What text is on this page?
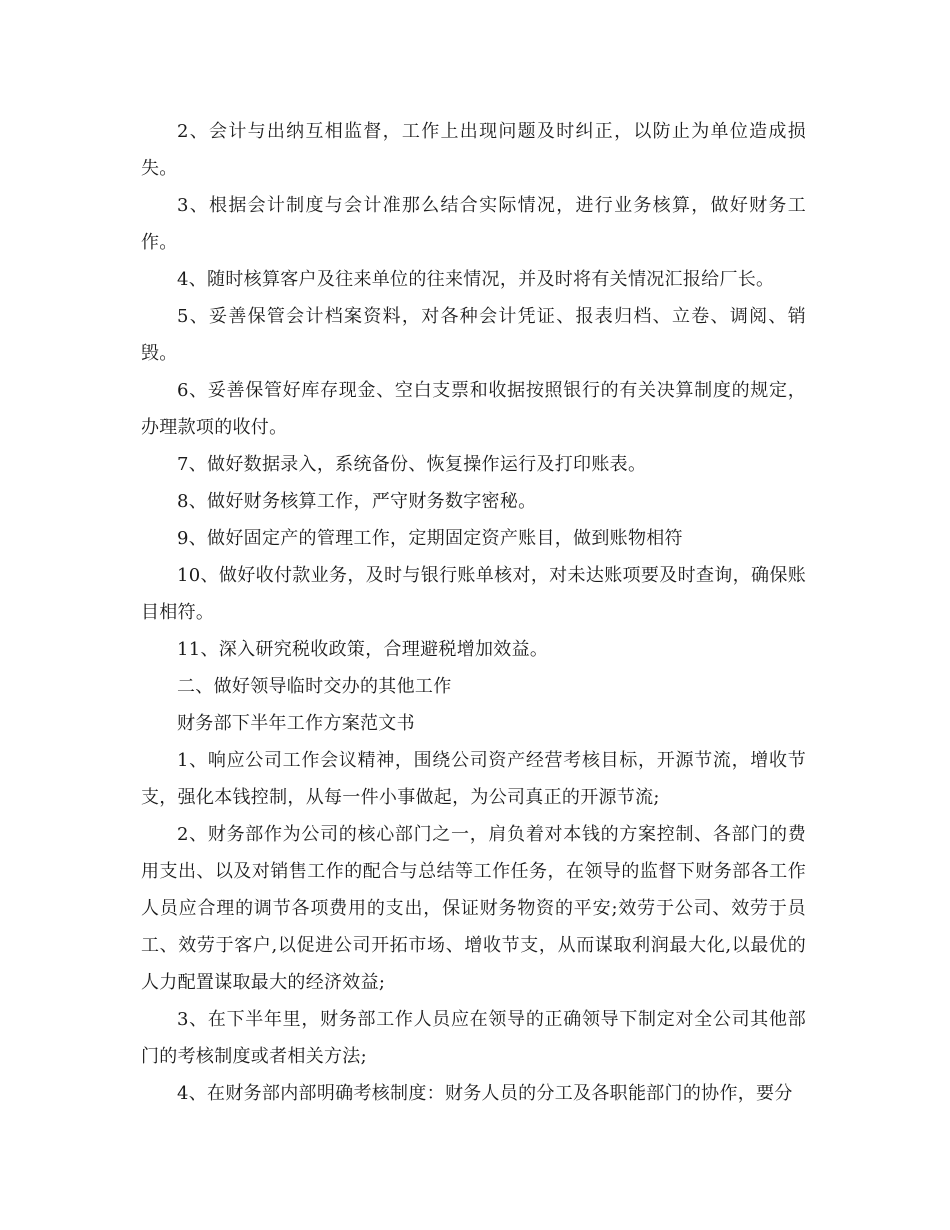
2、会计与出纳互相监督，工作上出现问题及时纠正，以防止为单位造成损失。

3、根据会计制度与会计准那么结合实际情况，进行业务核算，做好财务工作。

4、随时核算客户及往来单位的往来情况，并及时将有关情况汇报给厂长。

5、妥善保管会计档案资料，对各种会计凭证、报表归档、立卷、调阅、销毁。

6、妥善保管好库存现金、空白支票和收据按照银行的有关决算制度的规定，办理款项的收付。

7、做好数据录入，系统备份、恢复操作运行及打印账表。

8、做好财务核算工作，严守财务数字密秘。

9、做好固定产的管理工作，定期固定资产账目，做到账物相符

10、做好收付款业务，及时与银行账单核对，对未达账项要及时查询，确保账目相符。

11、深入研究税收政策，合理避税增加效益。

二、做好领导临时交办的其他工作

财务部下半年工作方案范文书

1、响应公司工作会议精神，围绕公司资产经营考核目标，开源节流，增收节支，强化本钱控制，从每一件小事做起，为公司真正的开源节流;

2、财务部作为公司的核心部门之一，肩负着对本钱的方案控制、各部门的费用支出、以及对销售工作的配合与总结等工作任务，在领导的监督下财务部各工作人员应合理的调节各项费用的支出，保证财务物资的平安;效劳于公司、效劳于员工、效劳于客户,以促进公司开拓市场、增收节支，从而谋取利润最大化,以最优的人力配置谋取最大的经济效益;

3、在下半年里，财务部工作人员应在领导的正确领导下制定对全公司其他部门的考核制度或者相关方法;

4、在财务部内部明确考核制度：财务人员的分工及各职能部门的协作，要分
